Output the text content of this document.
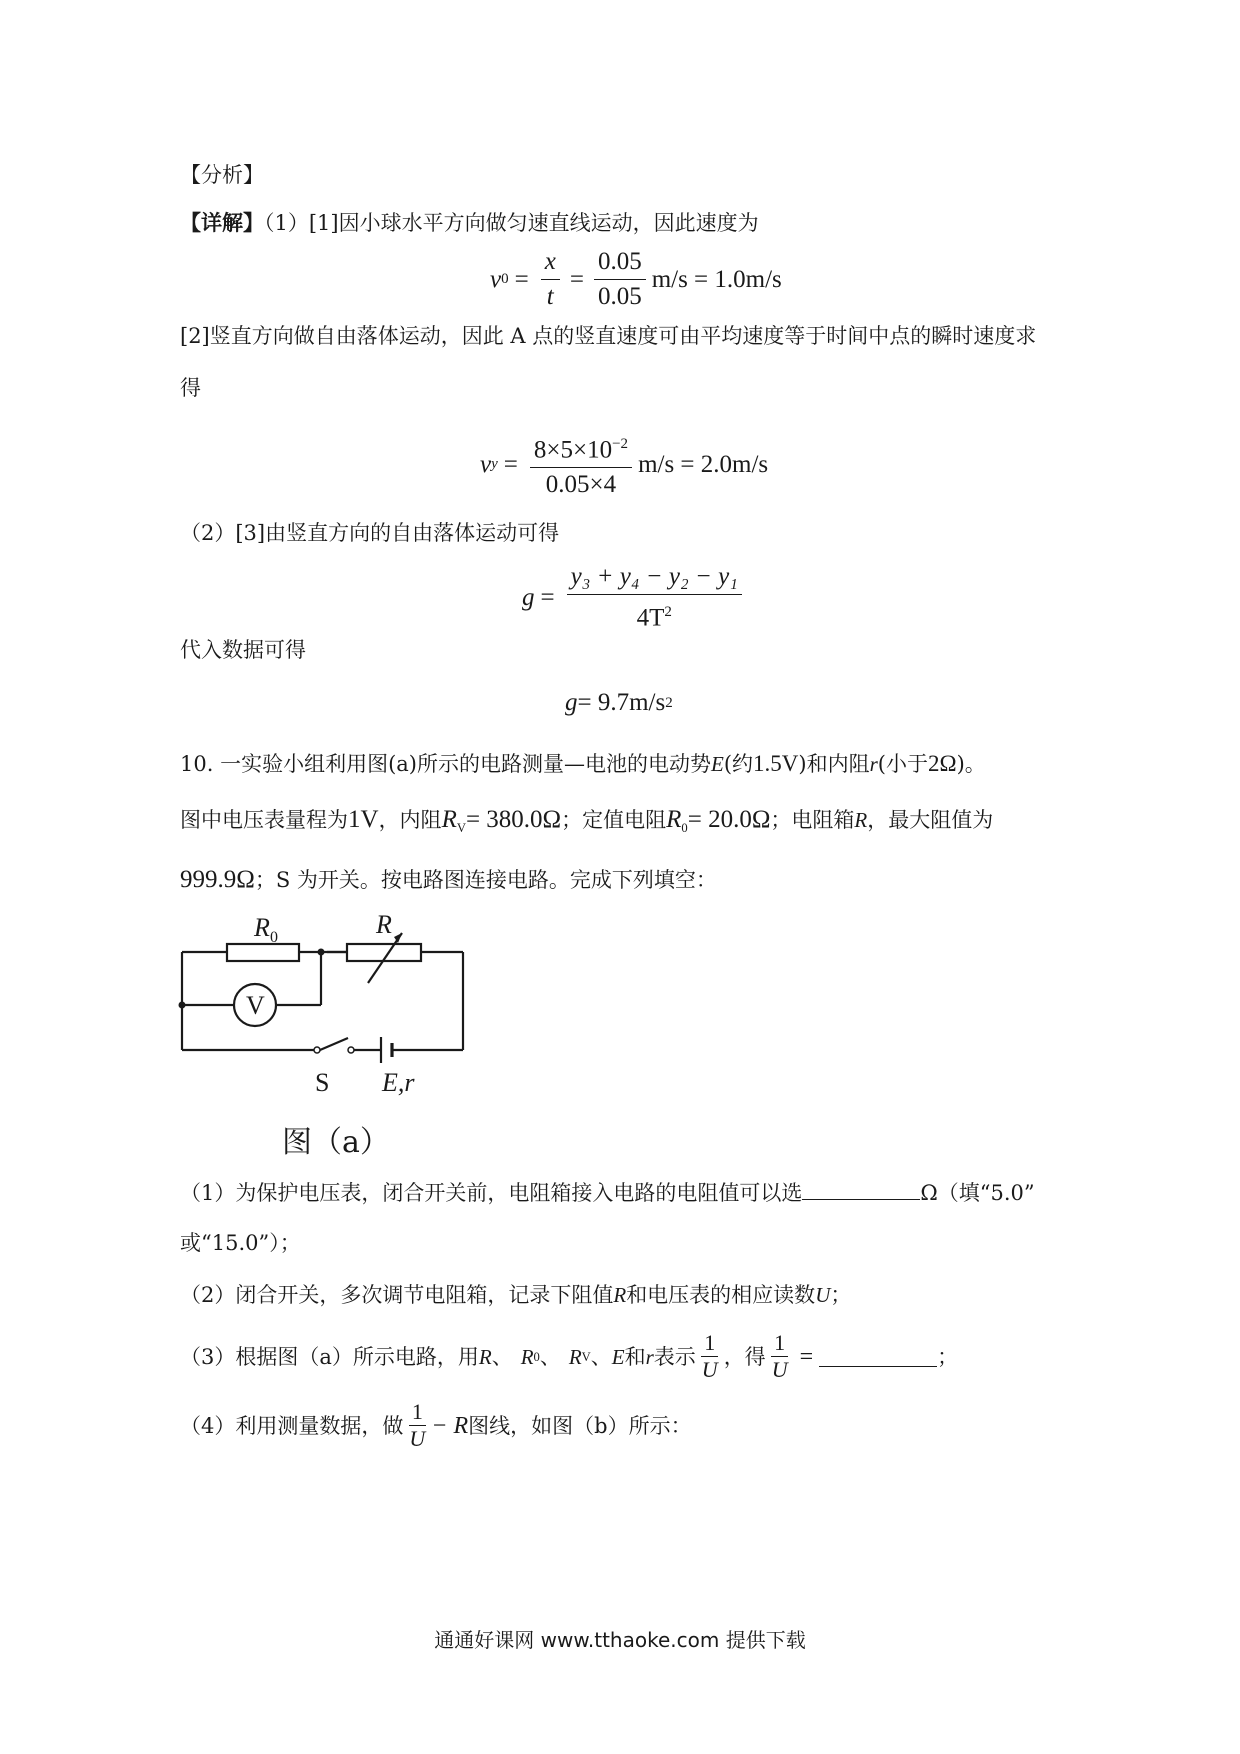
【分析】
【详解】（1）[1]因小球水平方向做匀速直线运动，因此速度为
v $0 = \frac{x}{t} = \frac{0.05}{0.05} m/s = 1.0m/s$
[2]竖直方向做自由落体运动，因此 A 点的竖直速度可由平均速度等于时间中点的瞬时速度求
得
v $y = \frac{8\times 5\times 10^{-2}}{0.05\times 4} m/s = 2.0m/s$
（2）[3]由竖直方向的自由落体运动可得
$g = \frac{\text{y₃ + y₄ − y₂ − y₁}}{4T^2}$
代入数据可得
g = 9.7m/s 2
10. 一实验小组利用图(a)所示的电路测量—电池的电动势E(约1.5V)和内阻r(小于2Ω)。
图中电压表量程为1V，内阻$R_V= 380.0\Omega$；定值电阻$R_0= 20.0\Omega$；电阻箱R，最大阻值为
999.9Ω；S 为开关。按电路图连接电路。完成下列填空：
R 0	R
V
S E,r
图（a）
（1）为保护电压表，闭合开关前，电阻箱接入电路的电阻值可以选	Ω（填“5.0”
或“15.0”）；
（2）闭合开关，多次调节电阻箱，记录下阻值R和电压表的相应读数U；
（3）根据图（a）所示电路，用 R 、 R 0 、 R V 、 E 和 r 表示 $\frac{1}{U}$ ，得 $\frac{1}{U}$ =	；
（4）利用测量数据，做 $\frac{1}{U} - R$ 图线，如图（b）所示：
通通好课网 www.tthaoke.com 提供下载
